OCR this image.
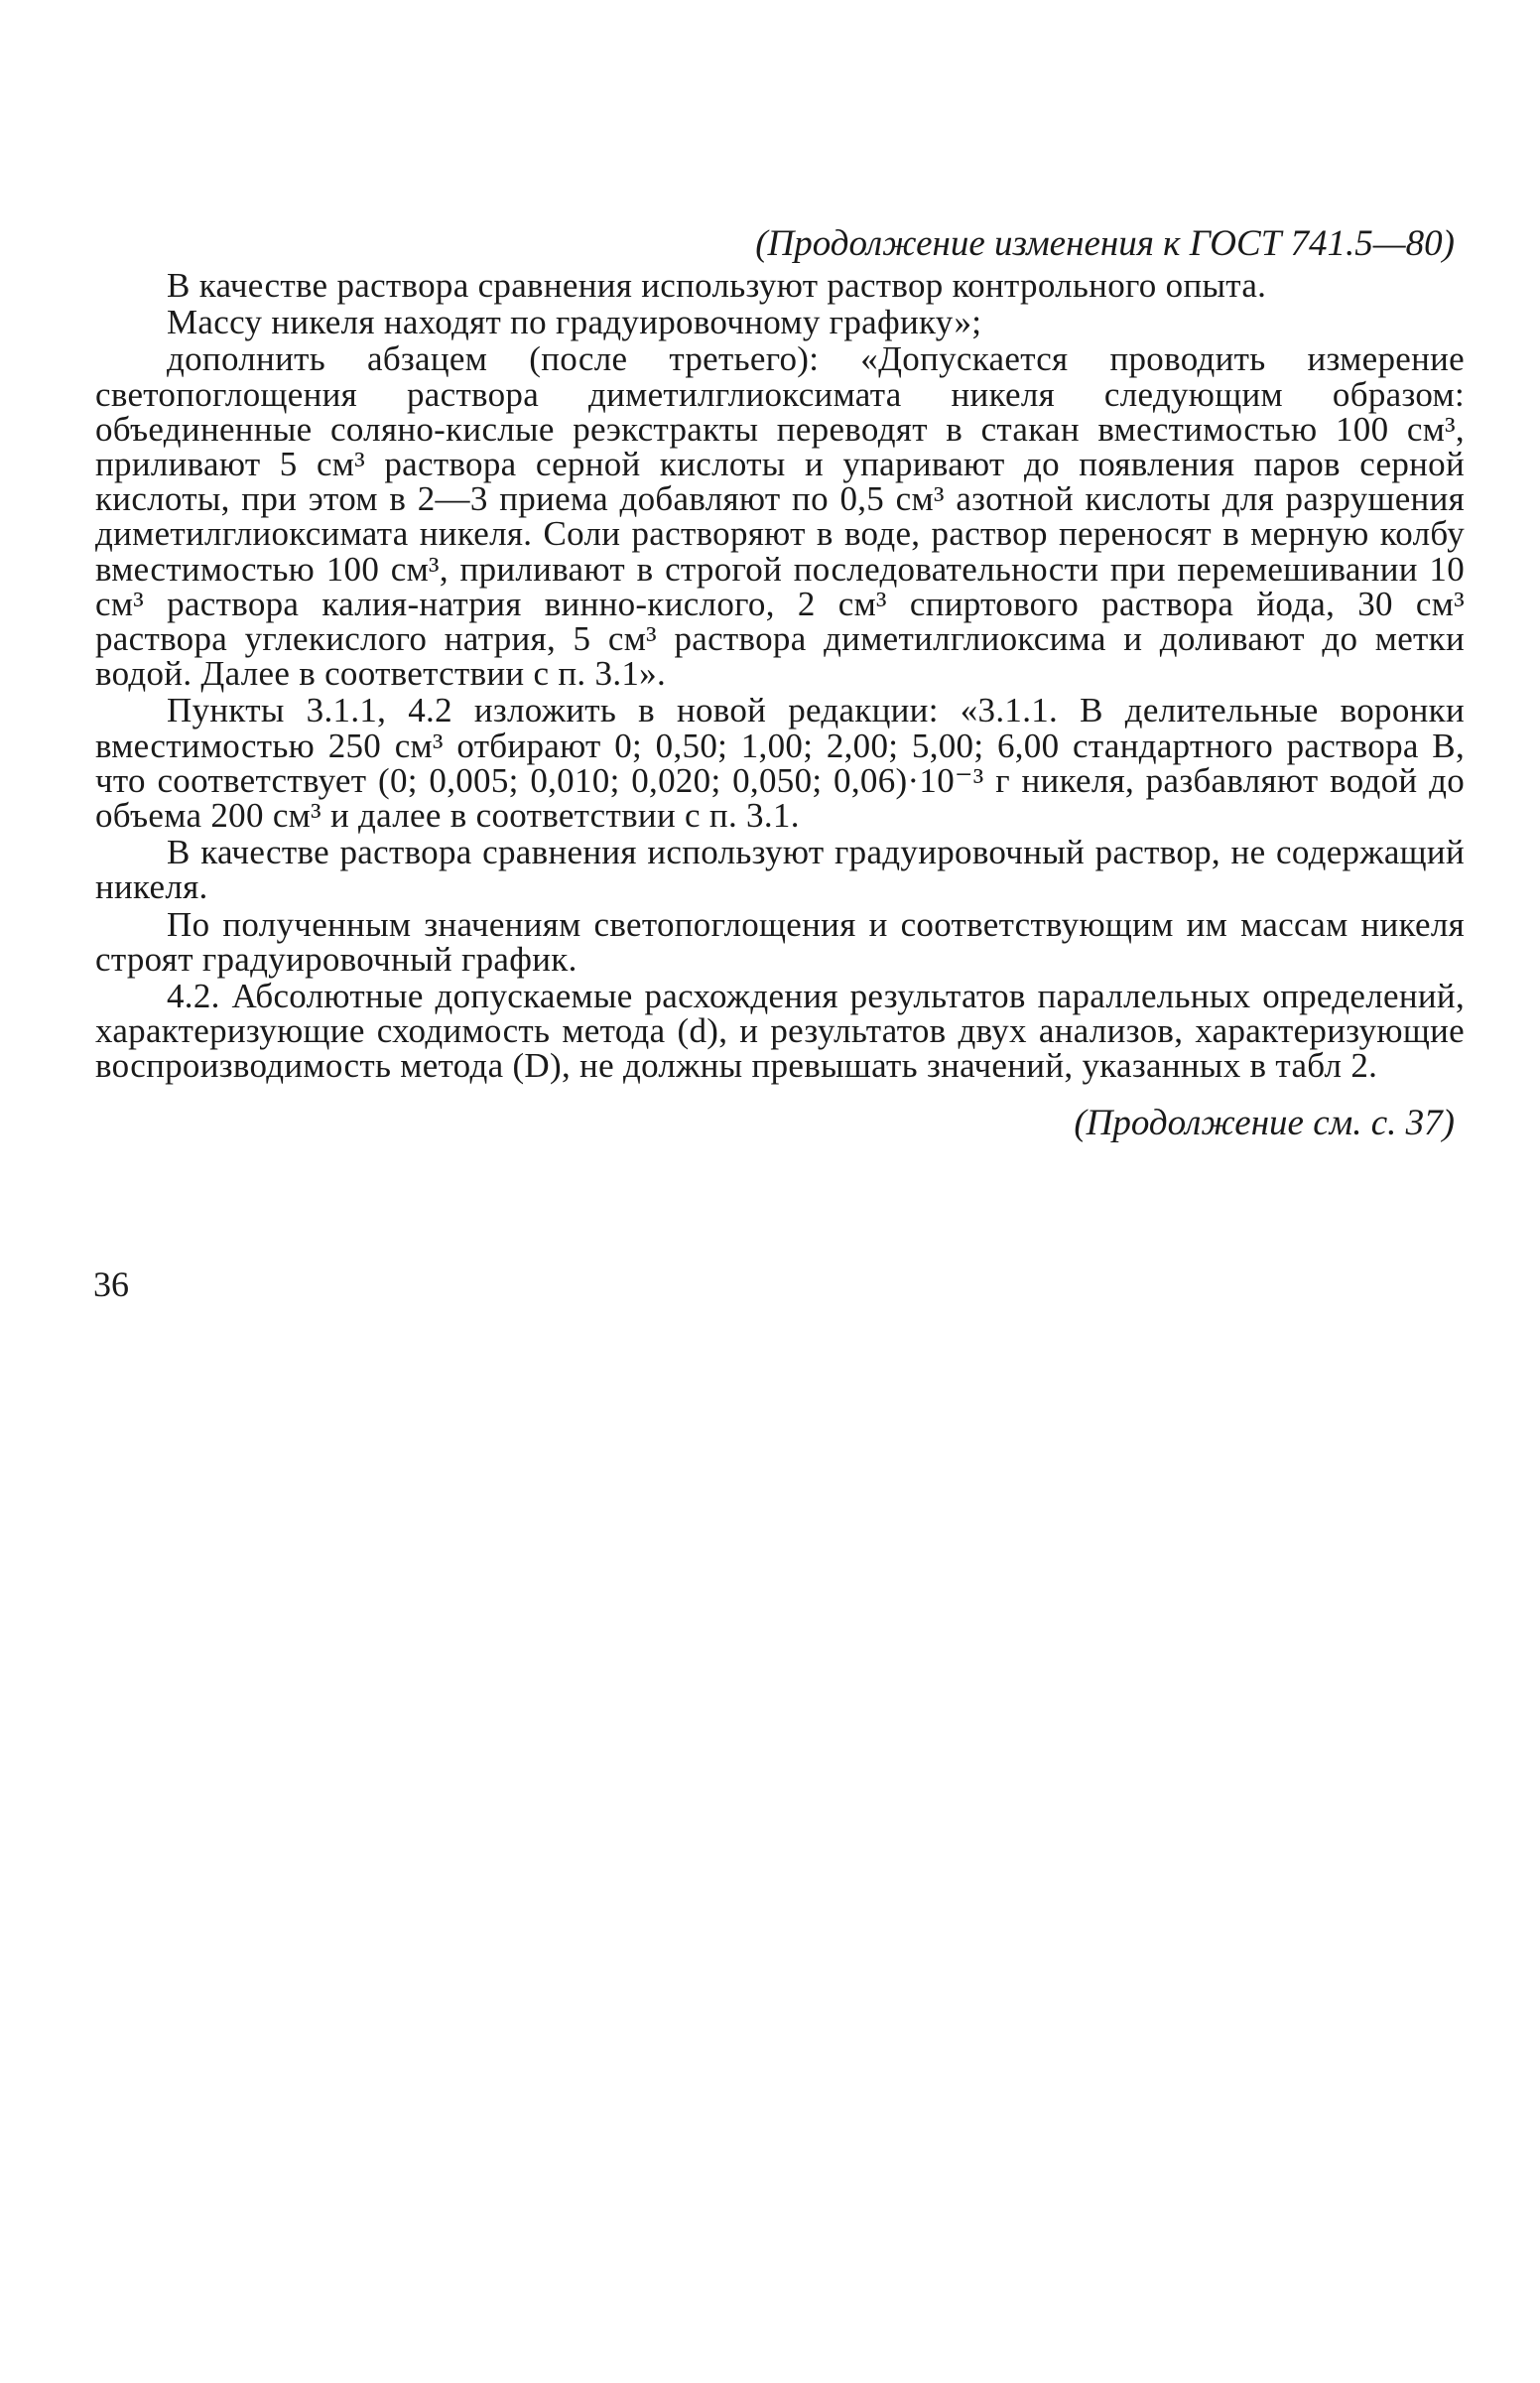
(Продолжение изменения к ГОСТ 741.5—80)

В качестве раствора сравнения используют раствор контрольного опыта.

Массу никеля находят по градуировочному графику»;

дополнить абзацем (после третьего): «Допускается проводить измерение светопоглощения раствора диметилглиоксимата никеля следующим образом: объединенные соляно-кислые реэкстракты переводят в стакан вместимостью 100 см³, приливают 5 см³ раствора серной кислоты и упаривают до появления паров серной кислоты, при этом в 2—3 приема добавляют по 0,5 см³ азотной кислоты для разрушения диметилглиоксимата никеля. Соли растворяют в воде, раствор переносят в мерную колбу вместимостью 100 см³, приливают в строгой последовательности при перемешивании 10 см³ раствора калия-натрия винно-кислого, 2 см³ спиртового раствора йода, 30 см³ раствора углекислого натрия, 5 см³ раствора диметилглиоксима и доливают до метки водой. Далее в соответствии с п. 3.1».

Пункты 3.1.1, 4.2 изложить в новой редакции: «3.1.1. В делительные воронки вместимостью 250 см³ отбирают 0; 0,50; 1,00; 2,00; 5,00; 6,00 стандартного раствора В, что соответствует (0; 0,005; 0,010; 0,020; 0,050; 0,06)·10⁻³ г никеля, разбавляют водой до объема 200 см³ и далее в соответствии с п. 3.1.

В качестве раствора сравнения используют градуировочный раствор, не содержащий никеля.

По полученным значениям светопоглощения и соответствующим им массам никеля строят градуировочный график.

4.2. Абсолютные допускаемые расхождения результатов параллельных определений, характеризующие сходимость метода (d), и результатов двух анализов, характеризующие воспроизводимость метода (D), не должны превышать значений, указанных в табл 2.

(Продолжение см. с. 37)
36
